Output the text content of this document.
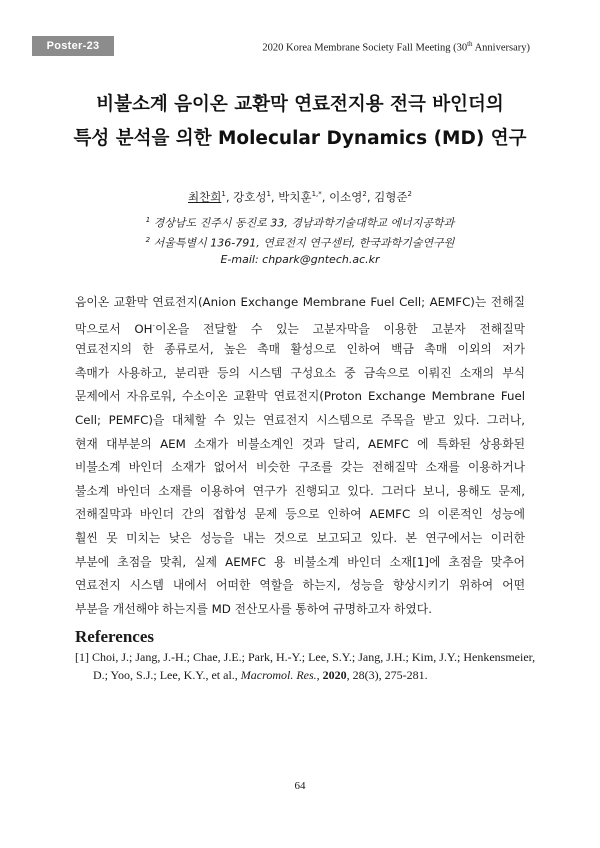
Poster-23	2020 Korea Membrane Society Fall Meeting (30th Anniversary)
비불소계 음이온 교환막 연료전지용 전극 바인더의
특성 분석을 의한 Molecular Dynamics (MD) 연구
최찬희$^1$, 강호성$^1$, 박치훈$^{1,*}$, 이소영$^2$, 김형준$^2$
$^1$ 경상남도 진주시 동진로 33, 경남과학기술대학교 에너지공학과
$^2$ 서울특별시 136-791, 연료전지 연구센터, 한국과학기술연구원
E-mail: chpark@gntech.ac.kr
음이온 교환막 연료전지(Anion Exchange Membrane Fuel Cell; AEMFC)는 전해질
막으로서 OH-이온을 전달할 수 있는 고분자막을 이용한 고분자 전해질막
연료전지의 한 종류로서, 높은 촉매 활성으로 인하여 백금 촉매 이외의 저가
촉매가 사용하고, 분리판 등의 시스템 구성요소 중 금속으로 이뤄진 소재의 부식
문제에서 자유로워, 수소이온 교환막 연료전지(Proton Exchange Membrane Fuel
Cell; PEMFC)을 대체할 수 있는 연료전지 시스템으로 주목을 받고 있다. 그러나,
현재 대부분의 AEM 소재가 비불소계인 것과 달리, AEMFC 에 특화된 상용화된
비불소계 바인더 소재가 없어서 비슷한 구조를 갖는 전해질막 소재를 이용하거나
불소계 바인더 소재를 이용하여 연구가 진행되고 있다. 그러다 보니, 용해도 문제,
전해질막과 바인더 간의 접합성 문제 등으로 인하여 AEMFC 의 이론적인 성능에
훨씬 못 미치는 낮은 성능을 내는 것으로 보고되고 있다. 본 연구에서는 이러한
부분에 초점을 맞춰, 실제 AEMFC 용 비불소계 바인더 소재[1]에 초점을 맞추어
연료전지 시스템 내에서 어떠한 역할을 하는지, 성능을 향상시키기 위하여 어떤
부분을 개선해야 하는지를 MD 전산모사를 통하여 규명하고자 하였다.
References
[1] Choi, J.; Jang, J.-H.; Chae, J.E.; Park, H.-Y.; Lee, S.Y.; Jang, J.H.; Kim, J.Y.; Henkensmeier,
D.; Yoo, S.J.; Lee, K.Y., et al., Macromol. Res., 2020, 28(3), 275-281.
64
